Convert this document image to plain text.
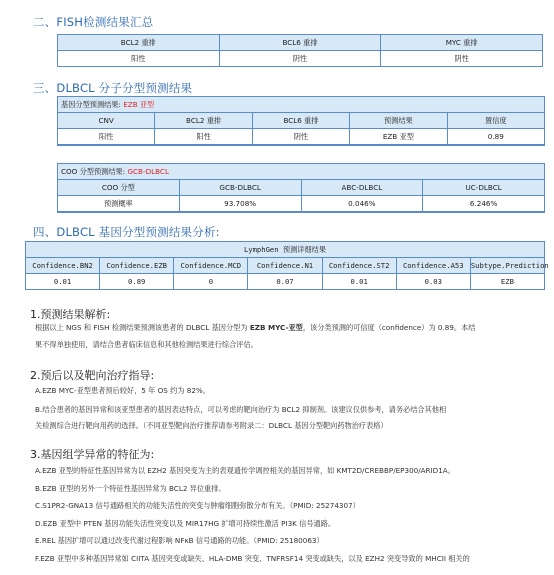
二、FISH检测结果汇总
BCL2 重排	BCL6 重排	MYC 重排
阳性	阴性	阴性
三、DLBCL 分子分型预测结果
基因分型预测结果: EZB 亚型
CNV	BCL2 重排	BCL6 重排	预测结果	置信度
阳性	阳性	阴性	EZB 亚型	0.89
COO 分型预测结果: GCB-DLBCL
COO 分型	GCB-DLBCL	ABC-DLBCL	UC-DLBCL
预测概率	93.708%	0.046%	6.246%
四、DLBCL 基因分型预测结果分析:
LymphGen 预测详细结果						
Confidence.BN2	Confidence.EZB	Confidence.MCD	Confidence.N1	Confidence.ST2	Confidence.A53	Subtype.Prediction
0.01	0.89	0	0.07	0.01	0.03	EZB
1.预测结果解析:

根据以上 NGS 和 FISH 检测结果预测该患者的 DLBCL 基因分型为 EZB MYC-亚型，该分类预测的可信度（confidence）为 0.89。本结

果不得单独使用，请结合患者临床信息和其他检测结果进行综合评估。

2.预后以及靶向治疗指导:

A.EZB MYC-亚型患者预后较好，5 年 OS 约为 82%。

B.结合患者的基因异常和该亚型患者的基因表达特点，可以考虑的靶向治疗为 BCL2 抑制剂。该建议仅供参考，请务必结合其他相

关检测综合进行靶向用药的选择。（不同亚型靶向治疗推荐请参考附录二：DLBCL 基因分型靶向药物治疗表格）

3.基因组学异常的特征为:

A.EZB 亚型的特征性基因异常为以 EZH2 基因突变为主的表观遗传学调控相关的基因异常，如 KMT2D/CREBBP/EP300/ARID1A。

B.EZB 亚型的另外一个特征性基因异常为 BCL2 异位重排。

C.S1PR2-GNA13 信号通路相关的功能失活性的突变与肿瘤细胞弥散分布有关。（PMID: 25274307）

D.EZB 亚型中 PTEN 基因功能失活性突变以及 MIR17HG 扩增可持续性激活 PI3K 信号通路。

E.REL 基因扩增可以通过改变代谢过程影响 NFκB 信号通路的功能。（PMID: 25180063）

F.EZB 亚型中多种基因异常如 CIITA 基因突变或缺失、HLA-DMB 突变、TNFRSF14 突变或缺失，以及 EZH2 突变导致的 MHCII 相关的
